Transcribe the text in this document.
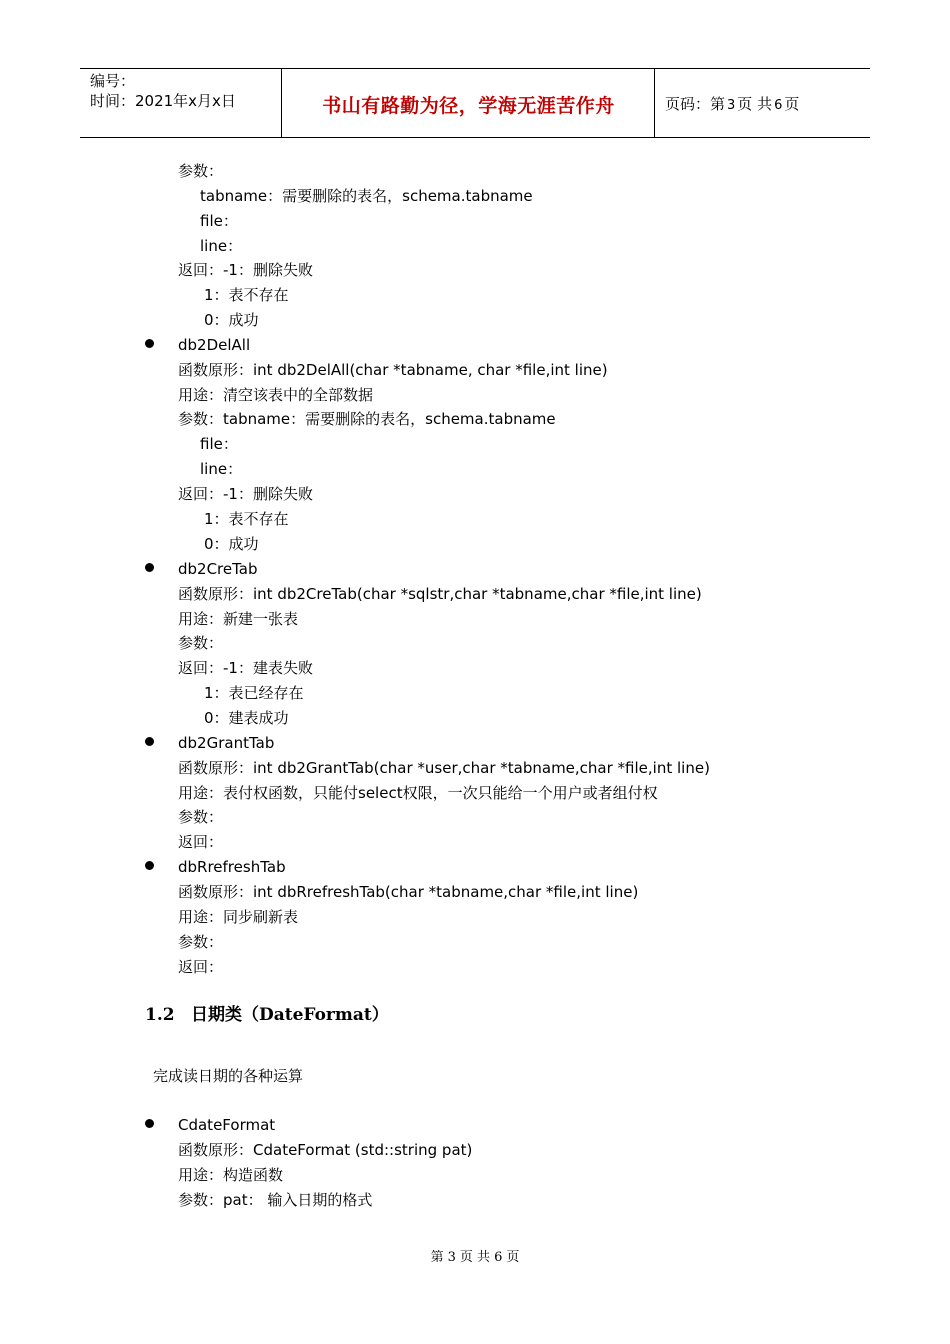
编号：
时间：2021年x月x日	书山有路勤为径，学海无涯苦作舟	页码：第 3 页 共 6 页
参数：
tabname：需要删除的表名，schema.tabname
file：
line：
返回：-1：删除失败
1：表不存在
0：成功
db2DelAll
函数原形：int db2DelAll(char *tabname, char *file,int line)
用途：清空该表中的全部数据
参数：tabname：需要删除的表名，schema.tabname
file：
line：
返回：-1：删除失败
1：表不存在
0：成功
db2CreTab
函数原形：int db2CreTab(char *sqlstr,char *tabname,char *file,int line)
用途：新建一张表
参数：
返回：-1：建表失败
1：表已经存在
0：建表成功
db2GrantTab
函数原形：int db2GrantTab(char *user,char *tabname,char *file,int line)
用途：表付权函数，只能付select权限，一次只能给一个用户或者组付权
参数：
返回：
dbRrefreshTab
函数原形：int dbRrefreshTab(char *tabname,char *file,int line)
用途：同步刷新表
参数：
返回：
1.2 日期类（DateFormat）
完成读日期的各种运算
CdateFormat
函数原形：CdateFormat (std::string pat)
用途：构造函数
参数：pat： 输入日期的格式
第 3 页 共 6 页
